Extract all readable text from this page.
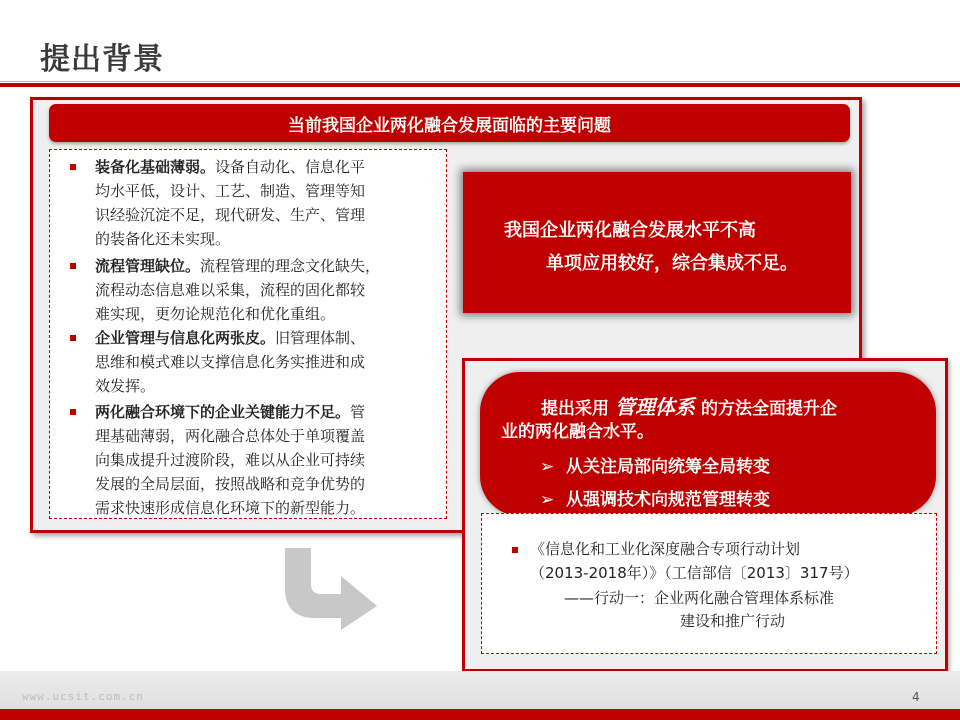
提出背景
当前我国企业两化融合发展面临的主要问题
装备化基础薄弱。设备自动化、信息化平
均水平低，设计、工艺、制造、管理等知
识经验沉淀不足，现代研发、生产、管理
的装备化还未实现。
流程管理缺位。流程管理的理念文化缺失，
流程动态信息难以采集，流程的固化都较
难实现，更勿论规范化和优化重组。
企业管理与信息化两张皮。旧管理体制、
思维和模式难以支撑信息化务实推进和成
效发挥。
两化融合环境下的企业关键能力不足。管
理基础薄弱，两化融合总体处于单项覆盖
向集成提升过渡阶段，难以从企业可持续
发展的全局层面，按照战略和竞争优势的
需求快速形成信息化环境下的新型能力。
我国企业两化融合发展水平不高
单项应用较好，综合集成不足。
提出采用 管理体系 的方法全面提升企
业的两化融合水平。
➢ 从关注局部向统筹全局转变
➢ 从强调技术向规范管理转变
《信息化和工业化深度融合专项行动计划
（2013-2018年）》（工信部信〔2013〕317号）
——行动一：企业两化融合管理体系标准
建设和推广行动
www.ucsit.com.cn	4
